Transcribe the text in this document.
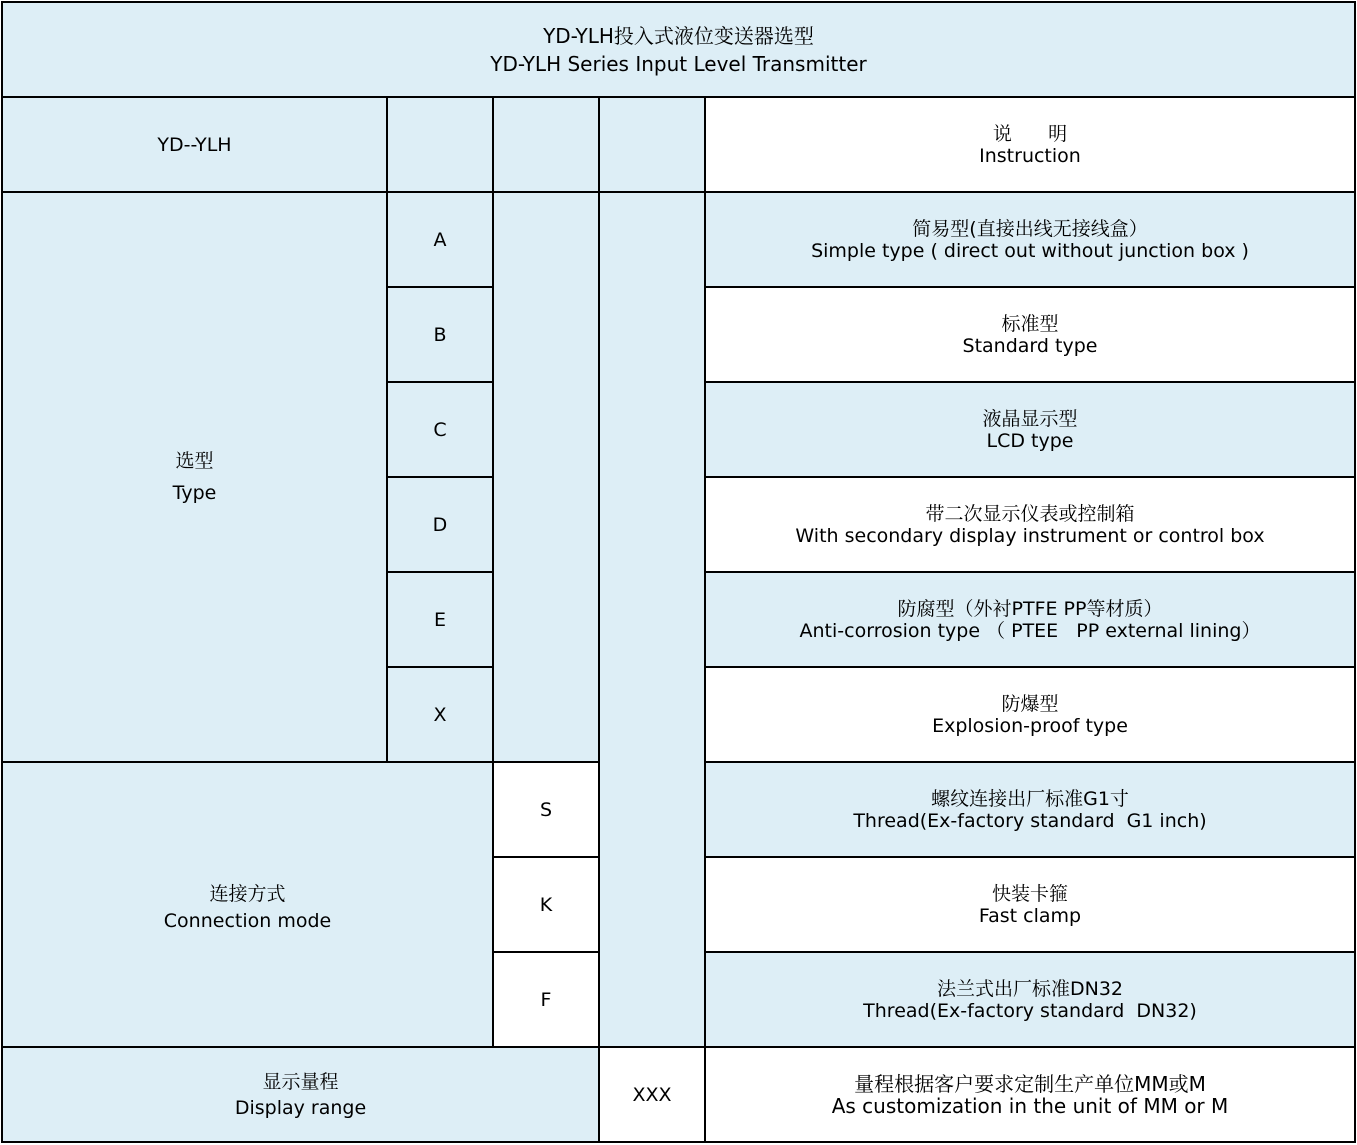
YD-YLH投入式液位变送器选型
YD-YLH Series Input Level Transmitter
YD--YLH	说      明
Instruction
选型
Type
A
B
C
D
E
X
简易型(直接出线无接线盒）
Simple type ( direct out without junction box )
标准型
Standard type
液晶显示型
LCD type
带二次显示仪表或控制箱
With secondary display instrument or control box
防腐型（外衬PTFE PP等材质）
Anti-corrosion type （ PTEE   PP external lining）
防爆型
Explosion-proof type
连接方式
Connection mode
S
K
F
螺纹连接出厂标准G1寸
Thread(Ex-factory standard  G1 inch)
快装卡箍
Fast clamp
法兰式出厂标准DN32
Thread(Ex-factory standard  DN32)
显示量程
Display range
XXX	量程根据客户要求定制生产单位MM或M
As customization in the unit of MM or M
